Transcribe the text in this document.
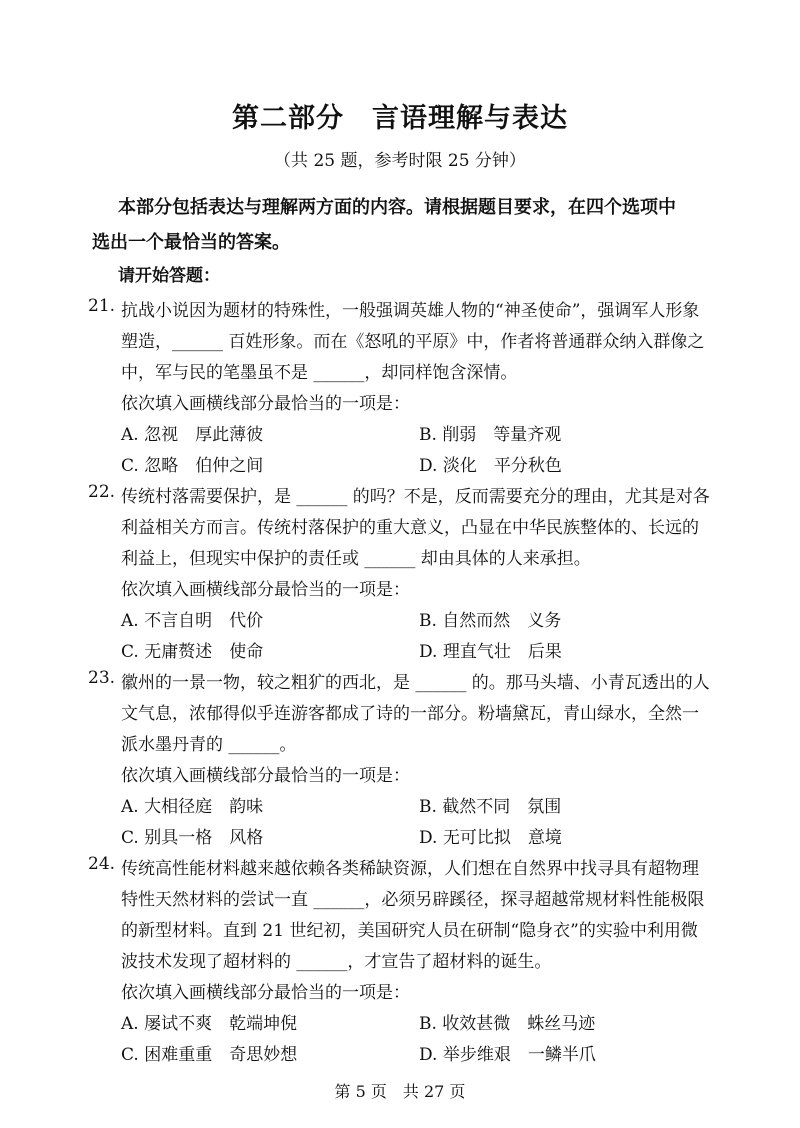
第二部分　言语理解与表达
（共 25 题，参考时限 25 分钟）
本部分包括表达与理解两方面的内容。请根据题目要求，在四个选项中
选出一个最恰当的答案。
请开始答题：
21. 抗战小说因为题材的特殊性，一般强调英雄人物的“神圣使命”，强调军人形象
塑造，______ 百姓形象。而在《怒吼的平原》中，作者将普通群众纳入群像之
中，军与民的笔墨虽不是 ______，却同样饱含深情。
依次填入画横线部分最恰当的一项是：
A. 忽视　厚此薄彼	B. 削弱　等量齐观
C. 忽略　伯仲之间	D. 淡化　平分秋色
22. 传统村落需要保护，是 ______ 的吗？不是，反而需要充分的理由，尤其是对各
利益相关方而言。传统村落保护的重大意义，凸显在中华民族整体的、长远的
利益上，但现实中保护的责任或 ______ 却由具体的人来承担。
依次填入画横线部分最恰当的一项是：
A. 不言自明　代价	B. 自然而然　义务
C. 无庸赘述　使命	D. 理直气壮　后果
23. 徽州的一景一物，较之粗犷的西北，是 ______ 的。那马头墙、小青瓦透出的人
文气息，浓郁得似乎连游客都成了诗的一部分。粉墙黛瓦，青山绿水，全然一
派水墨丹青的 ______。
依次填入画横线部分最恰当的一项是：
A. 大相径庭　韵味	B. 截然不同　氛围
C. 别具一格　风格	D. 无可比拟　意境
24. 传统高性能材料越来越依赖各类稀缺资源，人们想在自然界中找寻具有超物理
特性天然材料的尝试一直 ______，必须另辟蹊径，探寻超越常规材料性能极限
的新型材料。直到 21 世纪初，美国研究人员在研制“隐身衣”的实验中利用微
波技术发现了超材料的 ______，才宣告了超材料的诞生。
依次填入画横线部分最恰当的一项是：
A. 屡试不爽　乾端坤倪	B. 收效甚微　蛛丝马迹
C. 困难重重　奇思妙想	D. 举步维艰　一鳞半爪
第 5 页　共 27 页
